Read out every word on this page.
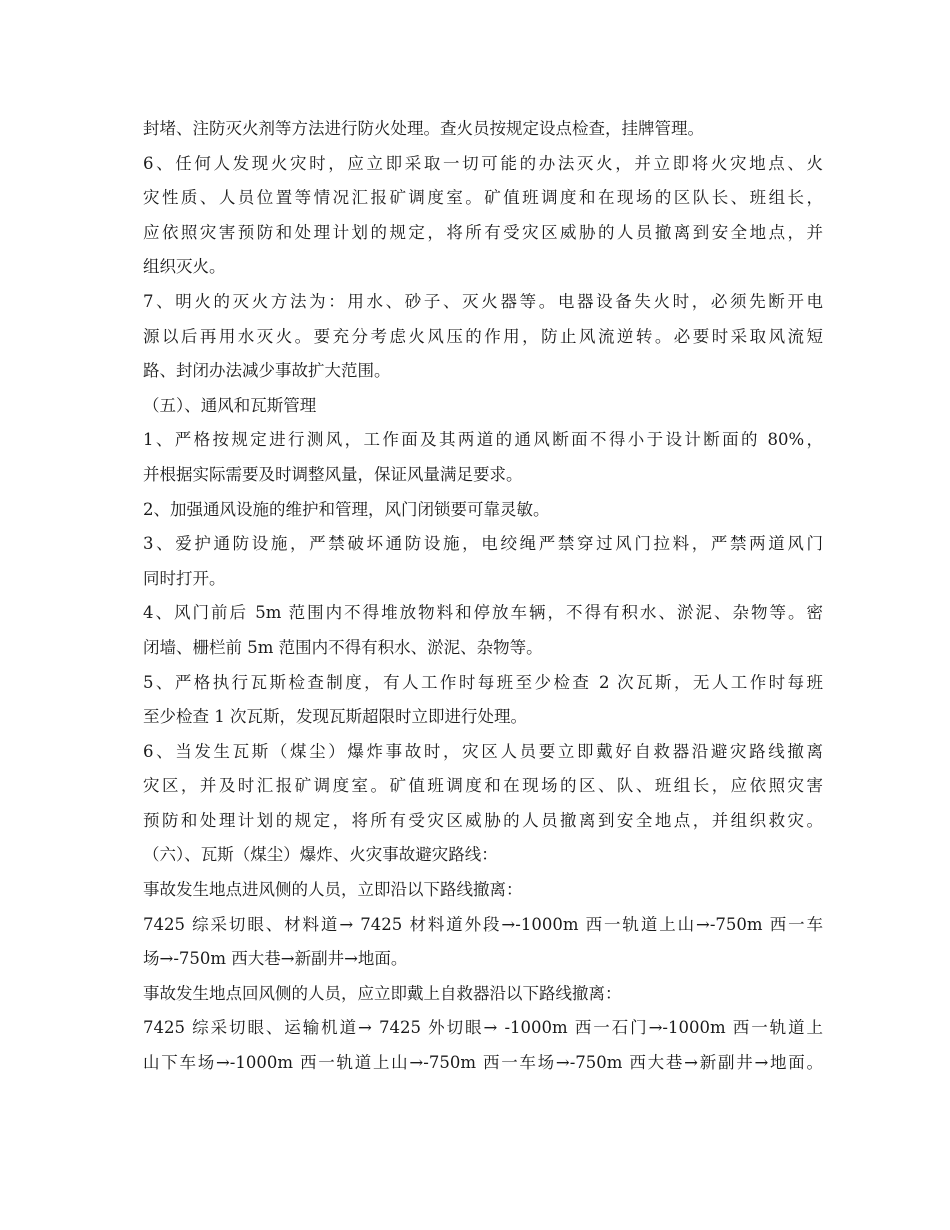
封堵、注防灭火剂等方法进行防火处理。查火员按规定设点检查，挂牌管理。
6、任何人发现火灾时，应立即采取一切可能的办法灭火，并立即将火灾地点、火
灾性质、人员位置等情况汇报矿调度室。矿值班调度和在现场的区队长、班组长，
应依照灾害预防和处理计划的规定，将所有受灾区威胁的人员撤离到安全地点，并
组织灭火。
7、明火的灭火方法为：用水、砂子、灭火器等。电器设备失火时，必须先断开电
源以后再用水灭火。要充分考虑火风压的作用，防止风流逆转。必要时采取风流短
路、封闭办法减少事故扩大范围。
（五）、通风和瓦斯管理
1、严格按规定进行测风，工作面及其两道的通风断面不得小于设计断面的 80%，
并根据实际需要及时调整风量，保证风量满足要求。
2、加强通风设施的维护和管理，风门闭锁要可靠灵敏。
3、爱护通防设施，严禁破坏通防设施，电绞绳严禁穿过风门拉料，严禁两道风门
同时打开。
4、风门前后 5m 范围内不得堆放物料和停放车辆，不得有积水、淤泥、杂物等。密
闭墙、栅栏前 5m 范围内不得有积水、淤泥、杂物等。
5、严格执行瓦斯检查制度，有人工作时每班至少检查 2 次瓦斯，无人工作时每班
至少检查 1 次瓦斯，发现瓦斯超限时立即进行处理。
6、当发生瓦斯（煤尘）爆炸事故时，灾区人员要立即戴好自救器沿避灾路线撤离
灾区，并及时汇报矿调度室。矿值班调度和在现场的区、队、班组长，应依照灾害
预防和处理计划的规定，将所有受灾区威胁的人员撤离到安全地点，并组织救灾。
（六）、瓦斯（煤尘）爆炸、火灾事故避灾路线：
事故发生地点进风侧的人员，立即沿以下路线撤离：
7425 综采切眼、材料道→ 7425 材料道外段→-1000m 西一轨道上山→-750m 西一车
场→-750m 西大巷→新副井→地面。
事故发生地点回风侧的人员，应立即戴上自救器沿以下路线撤离：
7425 综采切眼、运输机道→ 7425 外切眼→ -1000m 西一石门→-1000m 西一轨道上
山下车场→-1000m 西一轨道上山→-750m 西一车场→-750m 西大巷→新副井→地面。
